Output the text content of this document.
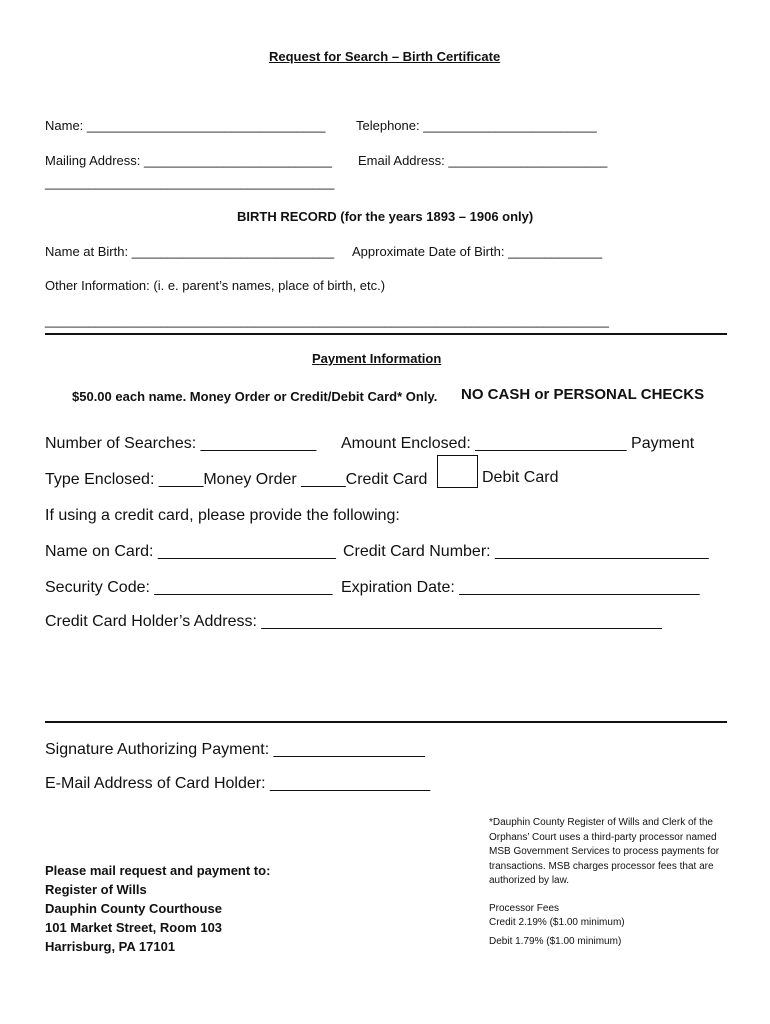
Request for Search – Birth Certificate
Name: _________________________________ Telephone: ________________________
Mailing Address: __________________________ Email Address: ______________________
________________________________________
BIRTH RECORD (for the years 1893 – 1906 only)
Name at Birth: ____________________________ Approximate Date of Birth: _____________
Other Information: (i. e. parent’s names, place of birth, etc.)
______________________________________________________________________________
Payment Information
$50.00 each name. Money Order or Credit/Debit Card* Only. NO CASH or PERSONAL CHECKS
Number of Searches: _____________ Amount Enclosed: _________________ Payment
Type Enclosed: _____Money Order _____Credit Card	Debit Card
If using a credit card, please provide the following:
Name on Card: ____________________ Credit Card Number: ________________________
Security Code: ____________________ Expiration Date: ___________________________
Credit Card Holder’s Address: _____________________________________________
Signature Authorizing Payment: _________________
E-Mail Address of Card Holder: __________________
Please mail request and payment to:
Register of Wills
Dauphin County Courthouse
101 Market Street, Room 103
Harrisburg, PA 17101
*Dauphin County Register of Wills and Clerk of the Orphans’ Court uses a third-party processor named MSB Government Services to process payments for transactions. MSB charges processor fees that are authorized by law.
Processor Fees
Credit 2.19% ($1.00 minimum)
Debit 1.79% ($1.00 minimum)
